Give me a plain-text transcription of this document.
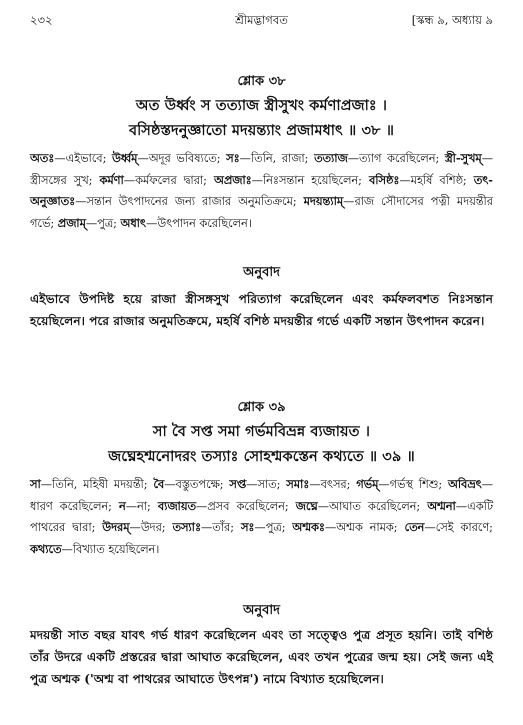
২৩২	শ্রীমদ্ভাগবত	[স্কন্ধ ৯, অধ্যায় ৯
শ্লোক ৩৮
অত উর্ধ্বং স তত্যাজ স্ত্রীসুখং কর্মণাপ্রজাঃ ।
বসিষ্ঠস্তদনুজ্ঞাতো মদয়ন্ত্যাং প্রজামধাৎ ॥ ৩৮ ॥
অতঃ—এইভাবে; উর্ধ্বম্—অদূর ভবিষ্যতে; সঃ—তিনি, রাজা; তত্যাজ—ত্যাগ করেছিলেন; স্ত্রী-সুখম্—স্ত্রীসঙ্গের সুখ; কর্মণা—কর্মফলের দ্বারা; অপ্রজাঃ—নিঃসন্তান হয়েছিলেন; বসিষ্ঠঃ—মহর্ষি বশিষ্ঠ; তৎ-অনুজ্ঞাতঃ—সন্তান উৎপাদনের জন্য রাজার অনুমতিক্রমে; মদয়ন্ত্যাম্—রাজ সৌদাসের পত্নী মদয়ন্তীর গর্ভে; প্রজাম্—পুত্র; অধাৎ—উৎপাদন করেছিলেন।
অনুবাদ
এইভাবে উপদিষ্ট হয়ে রাজা স্ত্রীসঙ্গসুখ পরিত্যাগ করেছিলেন এবং কর্মফলবশত নিঃসন্তান হয়েছিলেন। পরে রাজার অনুমতিক্রমে, মহর্ষি বশিষ্ঠ মদয়ন্তীর গর্ভে একটি সন্তান উৎপাদন করেন।
শ্লোক ৩৯
সা বৈ সপ্ত সমা গর্ভমবিভ্রন্ন ব্যজায়ত ।
জঘ্নেহশ্মনোদরং তস্যাঃ সোহশ্মকস্তেন কথ্যতে ॥ ৩৯ ॥
সা—তিনি, মহিষী মদয়ন্তী; বৈ—বস্তুতপক্ষে; সপ্ত—সাত; সমাঃ—বৎসর; গর্ভম্—গর্ভস্থ শিশু; অবিভ্রৎ—ধারণ করেছিলেন; ন—না; ব্যজায়ত—প্রসব করেছিলেন; জঘ্নে—আঘাত করেছিলেন; অশ্মনা—একটি পাথরের দ্বারা; উদরম্—উদর; তস্যাঃ—তাঁর; সঃ—পুত্র; অশ্মকঃ—অশ্মক নামক; তেন—সেই কারণে; কথ্যতে—বিখ্যাত হয়েছিলেন।
অনুবাদ
মদয়ন্তী সাত বছর যাবৎ গর্ভ ধারণ করেছিলেন এবং তা সত্ত্বেও পুত্র প্রসূত হয়নি। তাই বশিষ্ঠ তাঁর উদরে একটি প্রস্তরের দ্বারা আঘাত করেছিলেন, এবং তখন পুত্রের জন্ম হয়। সেই জন্য এই পুত্র অশ্মক ('অশ্ম বা পাথরের আঘাতে উৎপন্ন') নামে বিখ্যাত হয়েছিলেন।
